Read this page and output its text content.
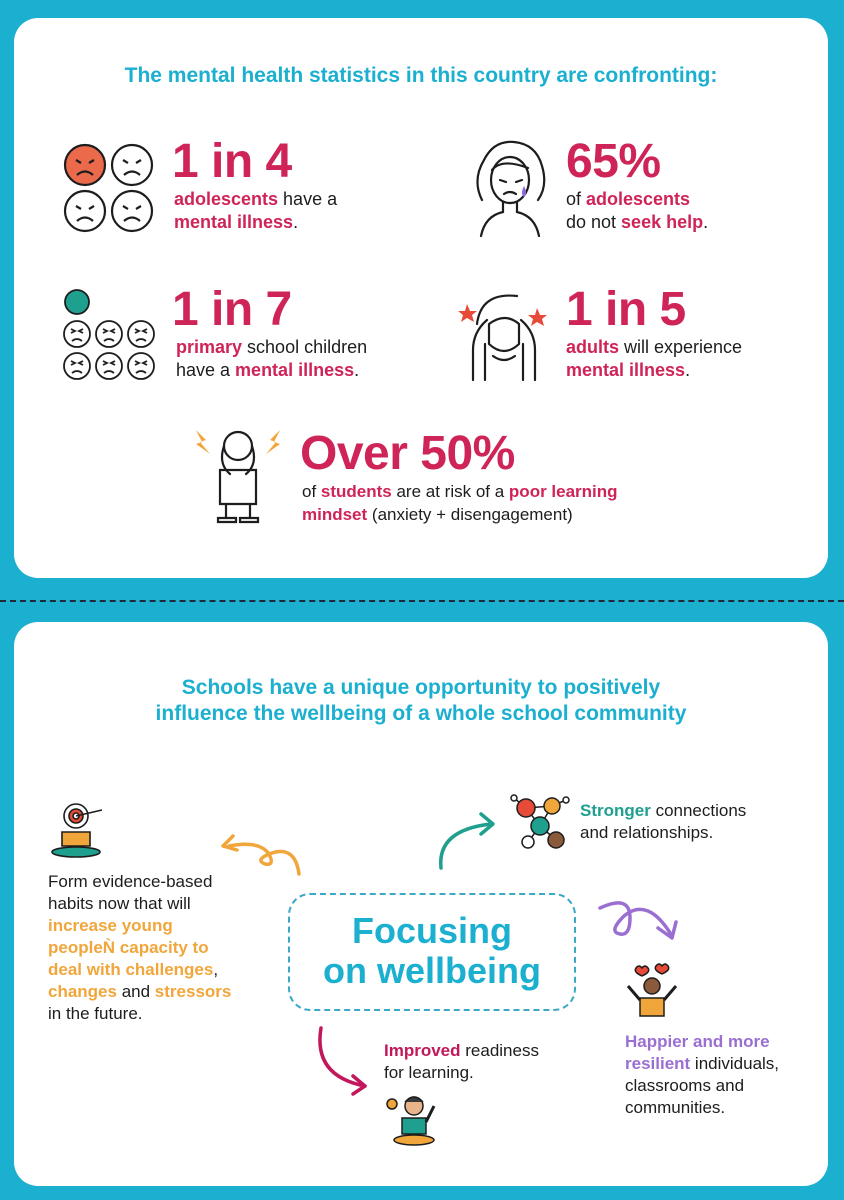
The mental health statistics in this country are confronting:
1 in 4
adolescents have a
mental illness.
65%
of adolescents
do not seek help.
1 in 7
primary school children
have a mental illness.
1 in 5
adults will experience
mental illness.
Over 50%
of students are at risk of a poor learning
mindset (anxiety + disengagement)
Schools have a unique opportunity to positively
influence the wellbeing of a whole school community
Form evidence-based
habits now that will
increase young
peopleǸ capacity to
deal with challenges,
changes and stressors
in the future.
Stronger connections
and relationships.
Focusing
on wellbeing
Happier and more
resilient individuals,
classrooms and
communities.
Improved readiness
for learning.
